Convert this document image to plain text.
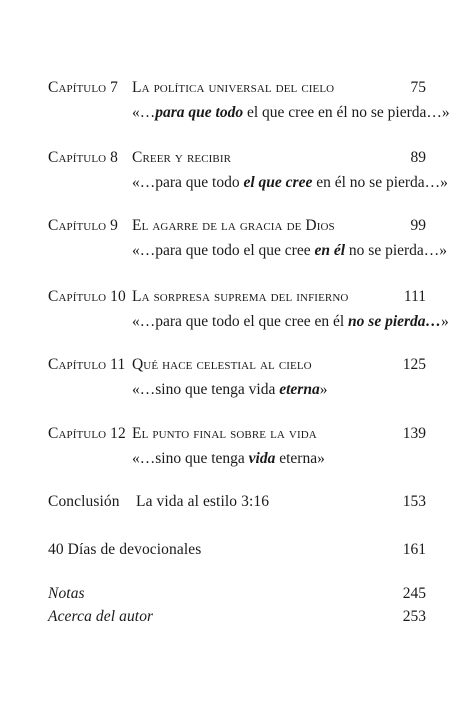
Capítulo 7 La política universal del cielo	75
«…para que todo el que cree en él no se pierda…»
Capítulo 8 Creer y recibir	89
«…para que todo el que cree en él no se pierda…»
Capítulo 9 El agarre de la gracia de Dios	99
«…para que todo el que cree en él no se pierda…»
Capítulo 10 La sorpresa suprema del infierno	111
«…para que todo el que cree en él no se pierda…»
Capítulo 11 Qué hace celestial al cielo	125
«…sino que tenga vida eterna»
Capítulo 12 El punto final sobre la vida	139
«…sino que tenga vida eterna»
Conclusión La vida al estilo 3:16	153
40 Días de devocionales	161
Notas	245
Acerca del autor	253
